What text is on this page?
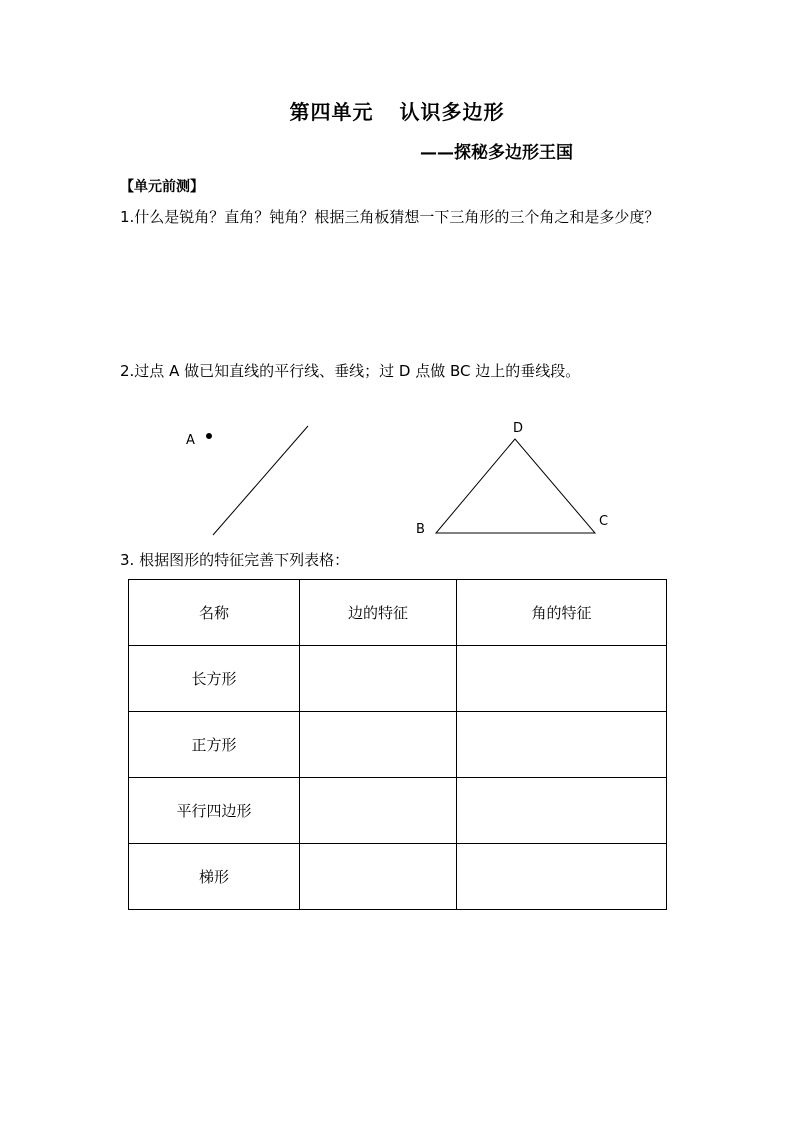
第四单元 认识多边形
——探秘多边形王国
【单元前测】
1.什么是锐角？直角？钝角？根据三角板猜想一下三角形的三个角之和是多少度？
2.过点 A 做已知直线的平行线、垂线；过 D 点做 BC 边上的垂线段。
A
D
B
C
3. 根据图形的特征完善下列表格：
名称	边的特征	角的特征
长方形		
正方形		
平行四边形		
梯形		
